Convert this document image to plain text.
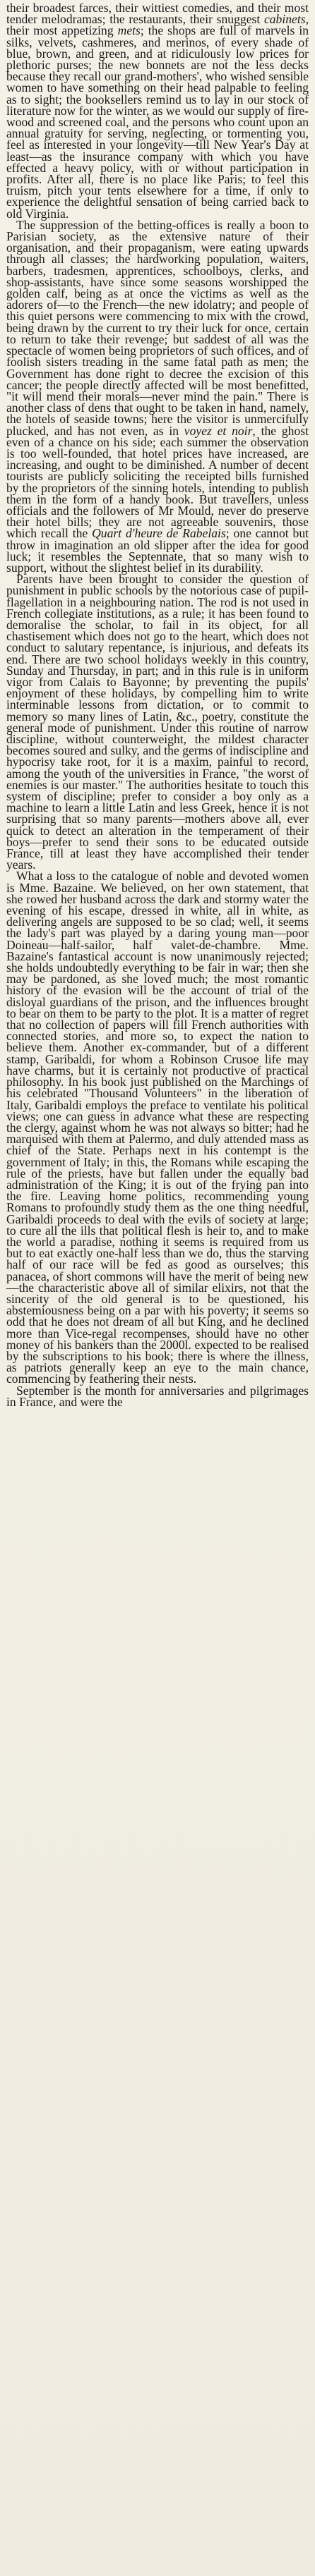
their broadest farces, their wittiest comedies, and their most tender melodramas; the restaurants, their snuggest cabinets, their most appetizing mets; the shops are full of marvels in silks, velvets, cashmeres, and merinos, of every shade of blue, brown, and green, and at ridiculously low prices for plethoric purses; the new bonnets are not the less decks because they recall our grand-mothers', who wished sensible women to have something on their head palpable to feeling as to sight; the booksellers remind us to lay in our stock of literature now for the winter, as we would our supply of fire-wood and screened coal, and the persons who count upon an annual gratuity for serving, neglecting, or tormenting you, feel as interested in your longevity—till New Year's Day at least—as the insurance company with which you have effected a heavy policy, with or without participation in profits. After all, there is no place like Paris; to feel this truism, pitch your tents elsewhere for a time, if only to experience the delightful sensation of being carried back to old Virginia.

The suppression of the betting-offices is really a boon to Parisian society, as the extensive nature of their organisation, and their propaganism, were eating upwards through all classes; the hardworking population, waiters, barbers, tradesmen, apprentices, schoolboys, clerks, and shop-assistants, have since some seasons worshipped the golden calf, being as at once the victims as well as the adorers of—to the French—the new idolatry; and people of this quiet persons were commencing to mix with the crowd, being drawn by the current to try their luck for once, certain to return to take their revenge; but saddest of all was the spectacle of women being proprietors of such offices, and of foolish sisters treading in the same fatal path as men; the Government has done right to decree the excision of this cancer; the people directly affected will be most benefitted, "it will mend their morals—never mind the pain." There is another class of dens that ought to be taken in hand, namely, the hotels of seaside towns; here the visitor is unmercifully plucked, and has not even, as in voyez et noir, the ghost even of a chance on his side; each summer the observation is too well-founded, that hotel prices have increased, are increasing, and ought to be diminished. A number of decent tourists are publicly soliciting the receipted bills furnished by the proprietors of the sinning hotels, intending to publish them in the form of a handy book. But travellers, unless officials and the followers of Mr Mould, never do preserve their hotel bills; they are not agreeable souvenirs, those which recall the Quart d'heure de Rabelais; one cannot but throw in imagination an old slipper after the idea for good luck; it resembles the Septennate, that so many wish to support, without the slightest belief in its durability.

Parents have been brought to consider the question of punishment in public schools by the notorious case of pupil-flagellation in a neighbouring nation. The rod is not used in French collegiate institutions, as a rule; it has been found to demoralise the scholar, to fail in its object, for all chastisement which does not go to the heart, which does not conduct to salutary repentance, is injurious, and defeats its end. There are two school holidays weekly in this country, Sunday and Thursday, in part; and in this rule is in uniform vigor from Calais to Bayonne; by preventing the pupils' enjoyment of these holidays, by compelling him to write interminable lessons from dictation, or to commit to memory so many lines of Latin, &c., poetry, constitute the general mode of punishment. Under this routine of narrow discipline, without counterweight, the mildest character becomes soured and sulky, and the germs of indiscipline and hypocrisy take root, for it is a maxim, painful to record, among the youth of the universities in France, "the worst of enemies is our master." The authorities hesitate to touch this system of discipline; prefer to consider a boy only as a machine to learn a little Latin and less Greek, hence it is not surprising that so many parents—mothers above all, ever quick to detect an alteration in the temperament of their boys—prefer to send their sons to be educated outside France, till at least they have accomplished their tender years.

What a loss to the catalogue of noble and devoted women is Mme. Bazaine. We believed, on her own statement, that she rowed her husband across the dark and stormy water the evening of his escape, dressed in white, all in white, as delivering angels are supposed to be so clad; well, it seems the lady's part was played by a daring young man—poor Doineau—half-sailor, half valet-de-chambre. Mme. Bazaine's fantastical account is now unanimously rejected; she holds undoubtedly everything to be fair in war; then she may be pardoned, as she loved much; the most romantic history of the evasion will be the account of trial of the disloyal guardians of the prison, and the influences brought to bear on them to be party to the plot. It is a matter of regret that no collection of papers will fill French authorities with connected stories, and more so, to expect the nation to believe them. Another ex-commander, but of a different stamp, Garibaldi, for whom a Robinson Crusoe life may have charms, but it is certainly not productive of practical philosophy. In his book just published on the Marchings of his celebrated "Thousand Volunteers" in the liberation of Italy, Garibaldi employs the preface to ventilate his political views; one can guess in advance what these are respecting the clergy, against whom he was not always so bitter; had he marquised with them at Palermo, and duly attended mass as chief of the State. Perhaps next in his contempt is the government of Italy; in this, the Romans while escaping the rule of the priests, have but fallen under the equally bad administration of the King; it is out of the frying pan into the fire. Leaving home politics, recommending young Romans to profoundly study them as the one thing needful, Garibaldi proceeds to deal with the evils of society at large; to cure all the ills that political flesh is heir to, and to make the world a paradise, nothing it seems is required from us but to eat exactly one-half less than we do, thus the starving half of our race will be fed as good as ourselves; this panacea, of short commons will have the merit of being new—the characteristic above all of similar elixirs, not that the sincerity of the old general is to be questioned, his abstemiousness being on a par with his poverty; it seems so odd that he does not dream of all but King, and he declined more than Vice-regal recompenses, should have no other money of his bankers than the 2000l. expected to be realised by the subscriptions to his book; there is where the illness, as patriots generally keep an eye to the main chance, commencing by feathering their nests.

September is the month for anniversaries and pilgrimages in France, and were the
